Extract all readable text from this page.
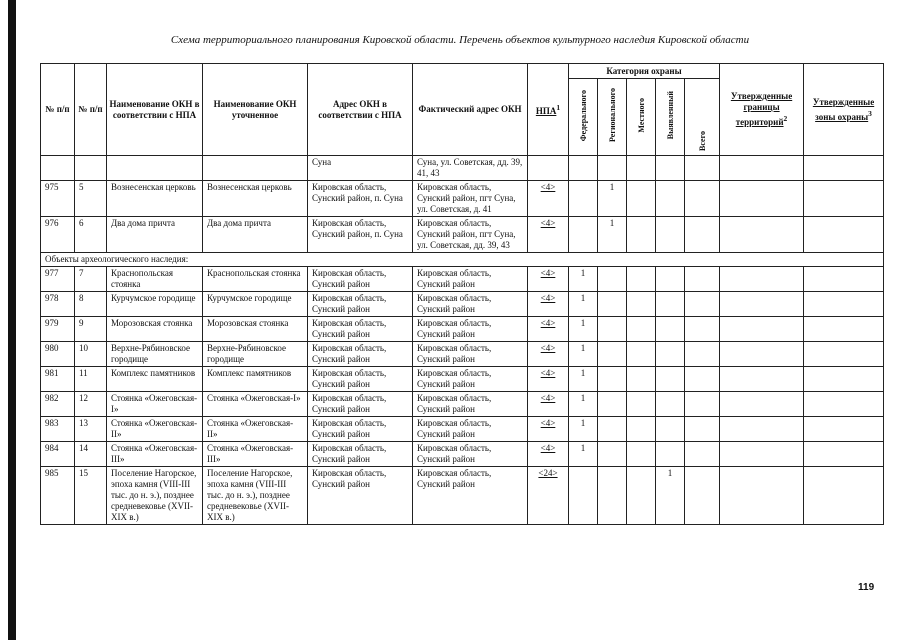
Схема территориального планирования Кировской области. Перечень объектов культурного наследия Кировской области
№ п/п	№ п/п	Наименование ОКН в соответствии с НПА	Наименование ОКН уточненное	Адрес ОКН в соответствии с НПА	Фактический адрес ОКН	НПА$^1$	Категория охраны					Утвержденные границы территорий$^2$	Утвержденные зоны охраны$^3$
							Федерального	Регионального	Местного	Выявленный	Всего		
				Суна	Суна, ул. Советская, дд. 39, 41, 43								
975	5	Вознесенская церковь	Вознесенская церковь	Кировская область, Сунский район, п. Суна	Кировская область, Сунский район, пгт Суна, ул. Советская, д. 41	<4>		1					
976	6	Два дома причта	Два дома причта	Кировская область, Сунский район, п. Суна	Кировская область, Сунский район, пгт Суна, ул. Советская, дд. 39, 43	<4>		1					
Объекты археологического наследия:													
977	7	Краснопольская стоянка	Краснопольская стоянка	Кировская область, Сунский район	Кировская область, Сунский район	<4>	1						
978	8	Курчумское городище	Курчумское городище	Кировская область, Сунский район	Кировская область, Сунский район	<4>	1						
979	9	Морозовская стоянка	Морозовская стоянка	Кировская область, Сунский район	Кировская область, Сунский район	<4>	1						
980	10	Верхне-Рябиновское городище	Верхне-Рябиновское городище	Кировская область, Сунский район	Кировская область, Сунский район	<4>	1						
981	11	Комплекс памятников	Комплекс памятников	Кировская область, Сунский район	Кировская область, Сунский район	<4>	1						
982	12	Стоянка «Ожеговская-I»	Стоянка «Ожеговская-I»	Кировская область, Сунский район	Кировская область, Сунский район	<4>	1						
983	13	Стоянка «Ожеговская-II»	Стоянка «Ожеговская-II»	Кировская область, Сунский район	Кировская область, Сунский район	<4>	1						
984	14	Стоянка «Ожеговская-III»	Стоянка «Ожеговская-III»	Кировская область, Сунский район	Кировская область, Сунский район	<4>	1						
985	15	Поселение Нагорское, эпоха камня (VIII-III тыс. до н. э.), позднее средневековье (XVII-XIX в.)	Поселение Нагорское, эпоха камня (VIII-III тыс. до н. э.), позднее средневековье (XVII-XIX в.)	Кировская область, Сунский район	Кировская область, Сунский район	<24>				1			
119
